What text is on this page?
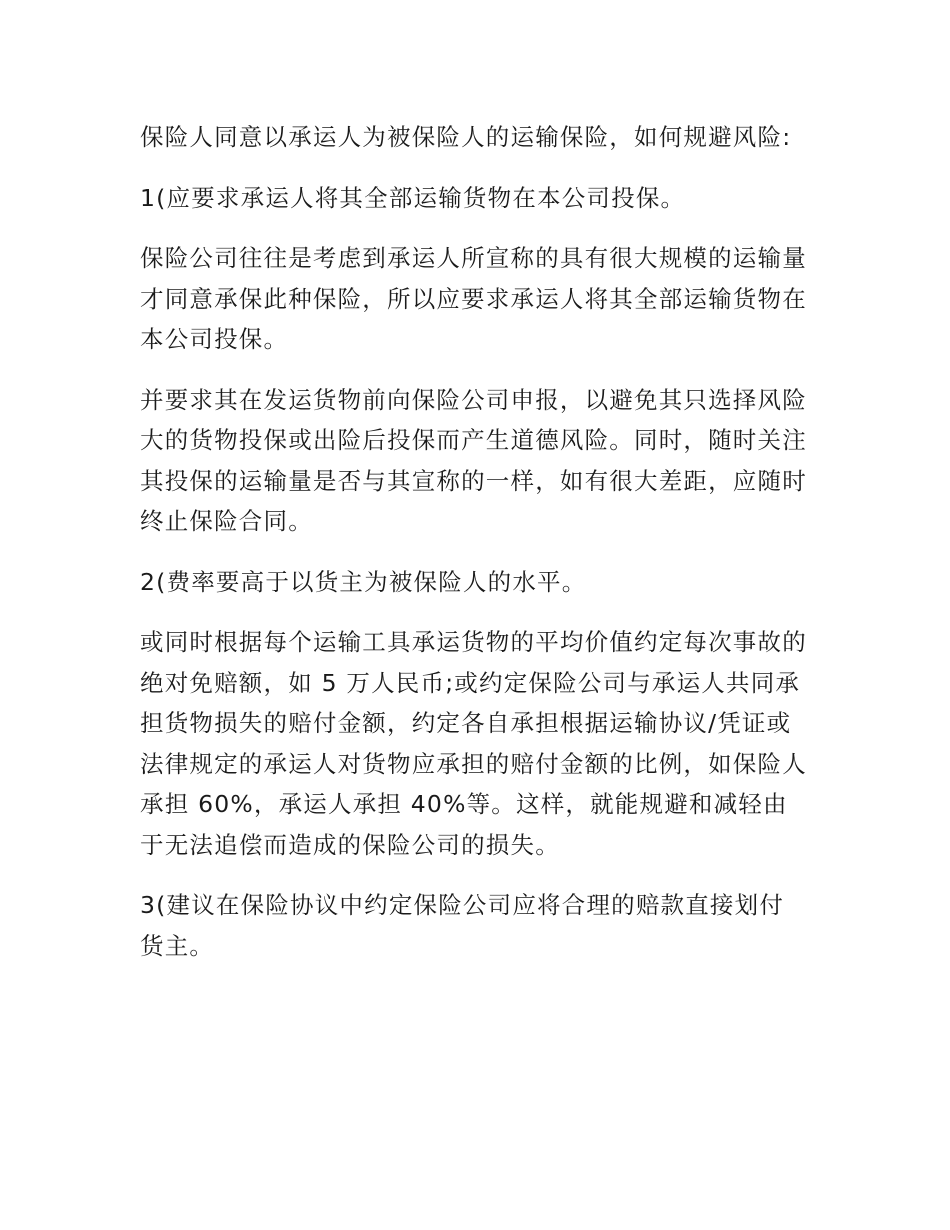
保险人同意以承运人为被保险人的运输保险，如何规避风险:

1(应要求承运人将其全部运输货物在本公司投保。

保险公司往往是考虑到承运人所宣称的具有很大规模的运输量才同意承保此种保险，所以应要求承运人将其全部运输货物在本公司投保。

并要求其在发运货物前向保险公司申报，以避免其只选择风险大的货物投保或出险后投保而产生道德风险。同时，随时关注其投保的运输量是否与其宣称的一样，如有很大差距，应随时终止保险合同。

2(费率要高于以货主为被保险人的水平。

或同时根据每个运输工具承运货物的平均价值约定每次事故的绝对免赔额，如 5 万人民币;或约定保险公司与承运人共同承担货物损失的赔付金额，约定各自承担根据运输协议/凭证或法律规定的承运人对货物应承担的赔付金额的比例，如保险人承担 60%，承运人承担 40%等。这样，就能规避和减轻由于无法追偿而造成的保险公司的损失。

3(建议在保险协议中约定保险公司应将合理的赔款直接划付货主。
